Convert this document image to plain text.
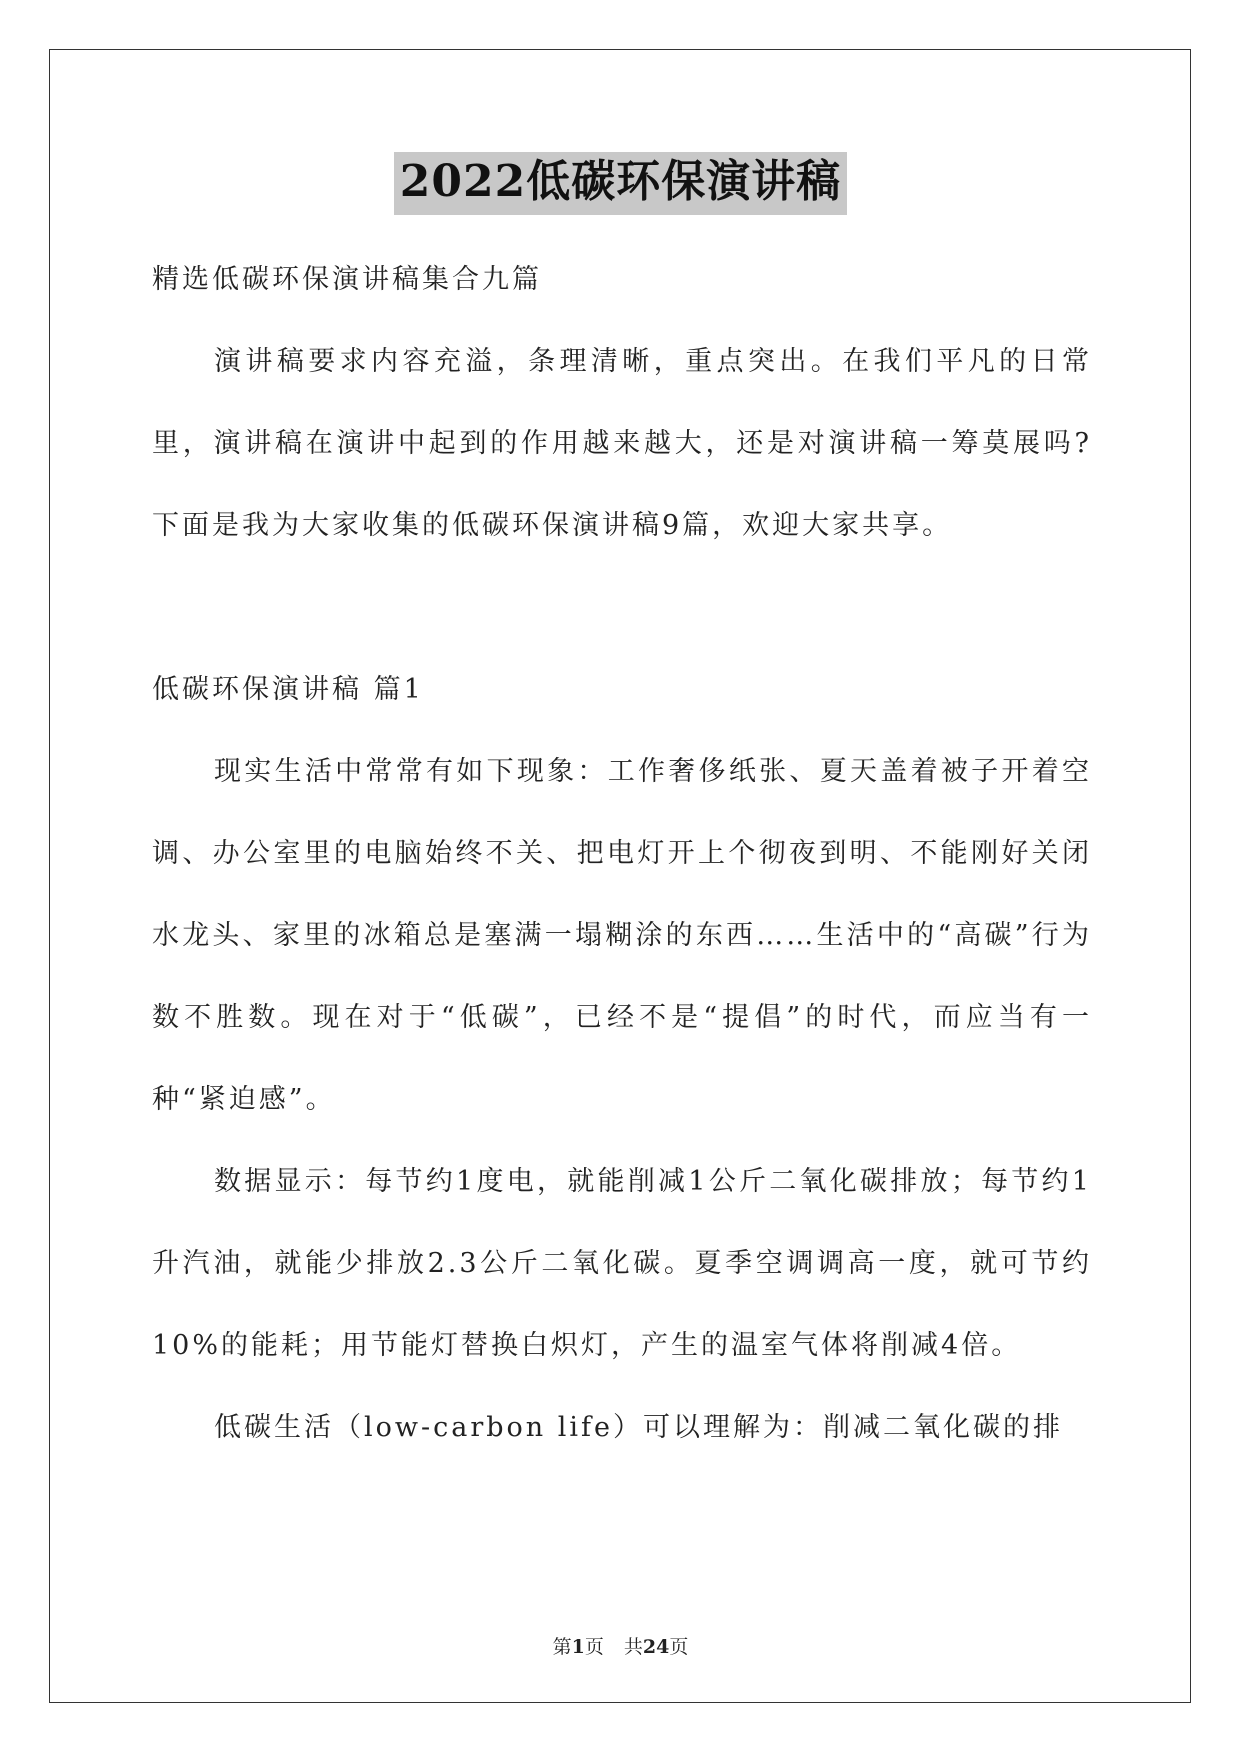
2022低碳环保演讲稿

精选低碳环保演讲稿集合九篇

演讲稿要求内容充溢，条理清晰，重点突出。在我们平凡的日常里，演讲稿在演讲中起到的作用越来越大，还是对演讲稿一筹莫展吗?下面是我为大家收集的低碳环保演讲稿9篇，欢迎大家共享。

低碳环保演讲稿 篇1

现实生活中常常有如下现象：工作奢侈纸张、夏天盖着被子开着空调、办公室里的电脑始终不关、把电灯开上个彻夜到明、不能刚好关闭水龙头、家里的冰箱总是塞满一塌糊涂的东西……生活中的“高碳”行为数不胜数。现在对于“低碳”，已经不是“提倡”的时代，而应当有一种“紧迫感”。

数据显示：每节约1度电，就能削减1公斤二氧化碳排放；每节约1升汽油，就能少排放2.3公斤二氧化碳。夏季空调调高一度，就可节约10%的能耗；用节能灯替换白炽灯，产生的温室气体将削减4倍。

低碳生活（low-carbon life）可以理解为：削减二氧化碳的排

第1页 共24页
